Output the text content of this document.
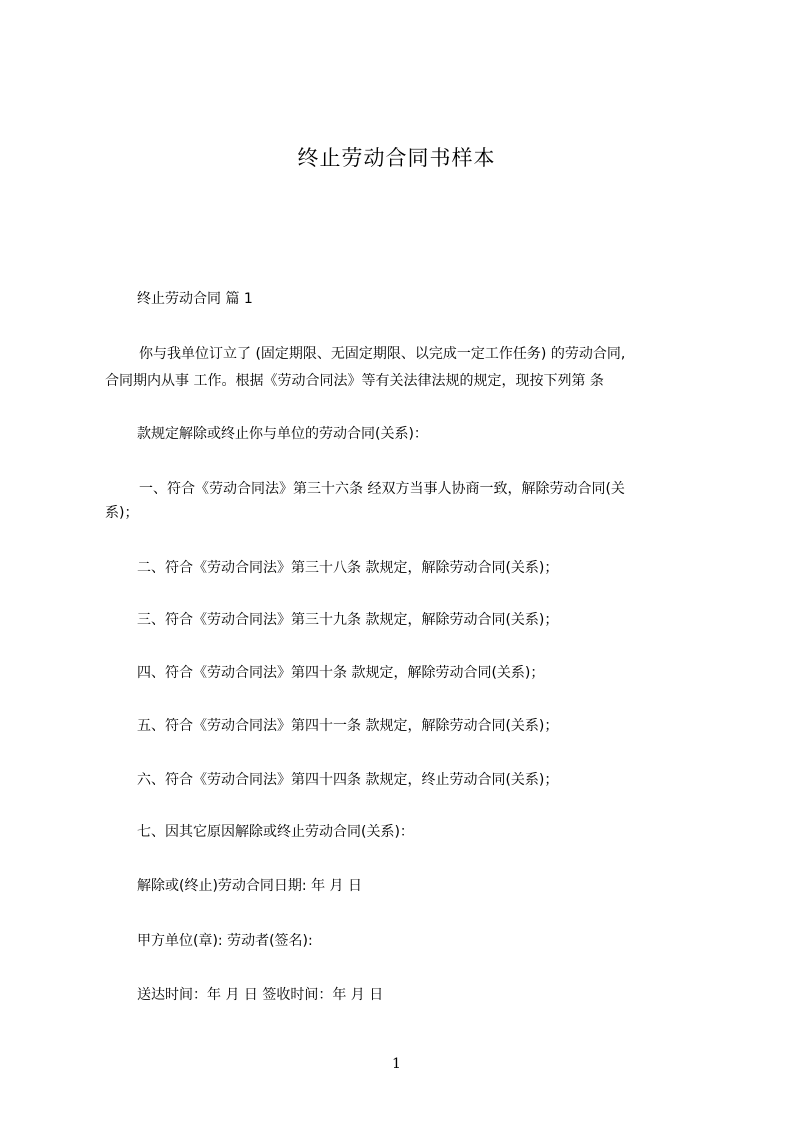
终止劳动合同书样本
终止劳动合同 篇 1
你与我单位订立了 (固定期限、无固定期限、以完成一定工作任务) 的劳动合同,
合同期内从事 工作。根据《劳动合同法》等有关法律法规的规定，现按下列第 条
款规定解除或终止你与单位的劳动合同(关系)：
一、符合《劳动合同法》第三十六条 经双方当事人协商一致，解除劳动合同(关
系)；
二、符合《劳动合同法》第三十八条 款规定，解除劳动合同(关系)；
三、符合《劳动合同法》第三十九条 款规定，解除劳动合同(关系)；
四、符合《劳动合同法》第四十条 款规定，解除劳动合同(关系)；
五、符合《劳动合同法》第四十一条 款规定，解除劳动合同(关系)；
六、符合《劳动合同法》第四十四条 款规定，终止劳动合同(关系)；
七、因其它原因解除或终止劳动合同(关系)：
解除或(终止)劳动合同日期: 年 月 日
甲方单位(章): 劳动者(签名):
送达时间：年 月 日 签收时间：年 月 日
1
